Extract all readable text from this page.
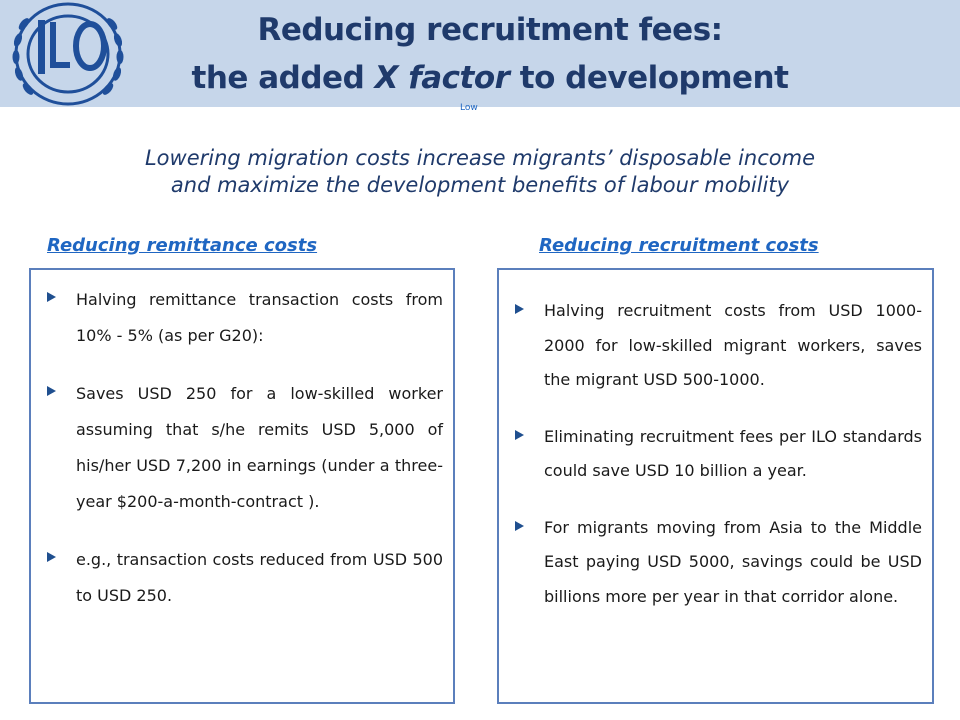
Reducing recruitment fees:
the added X factor to development
Low

Lowering migration costs increase migrants’ disposable income
and maximize the development benefits of labour mobility

Reducing remittance costs	Reducing recruitment costs
Halving remittance transaction costs from 10% - 5% (as per G20):
Saves USD 250 for a low-skilled worker assuming that s/he remits USD 5,000 of his/her USD 7,200 in earnings (under a three-year $200-a-month-contract ).
e.g., transaction costs reduced from USD 500 to USD 250.
Halving recruitment costs from USD 1000-2000 for low-skilled migrant workers, saves the migrant USD 500-1000.
Eliminating recruitment fees per ILO standards could save USD 10 billion a year.
For migrants moving from Asia to the Middle East paying USD 5000, savings could be USD billions more per year in that corridor alone.
